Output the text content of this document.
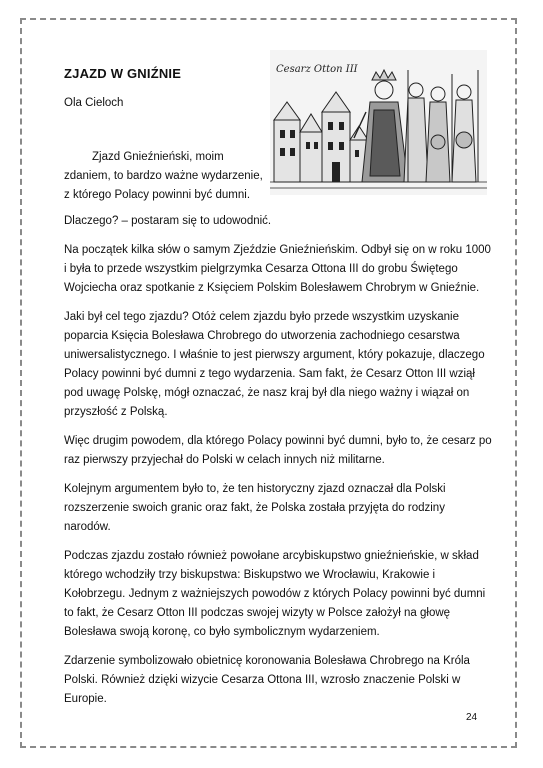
ZJAZD W GNIŹNIE
Ola Cieloch
Cesarz Otton III

Zjazd Gnieźnieński, moim

zdaniem, to bardzo ważne wydarzenie,

z którego Polacy powinni być dumni.

Dlaczego? – postaram się to udowodnić.

Na początek kilka słów o samym Zjeździe Gnieźnieńskim. Odbył się on w roku 1000 i była to przede wszystkim pielgrzymka Cesarza Ottona III do grobu Świętego Wojciecha oraz spotkanie z Księciem Polskim Bolesławem Chrobrym w Gnieźnie.

Jaki był cel tego zjazdu? Otóż celem zjazdu było przede wszystkim uzyskanie poparcia Księcia Bolesława Chrobrego do utworzenia zachodniego cesarstwa uniwersalistycznego. I właśnie to jest pierwszy argument, który pokazuje, dlaczego Polacy powinni być dumni z tego wydarzenia. Sam fakt, że Cesarz Otton III wziął pod uwagę Polskę, mógł oznaczać, że nasz kraj był dla niego ważny i wiązał on przyszłość z Polską.

Więc drugim powodem, dla którego Polacy powinni być dumni, było to, że cesarz po raz pierwszy przyjechał do Polski w celach innych niż militarne.

Kolejnym argumentem było to, że ten historyczny zjazd oznaczał dla Polski rozszerzenie swoich granic oraz fakt, że Polska została przyjęta do rodziny narodów.

Podczas zjazdu zostało również powołane arcybiskupstwo gnieźnieńskie, w skład którego wchodziły trzy biskupstwa: Biskupstwo we Wrocławiu, Krakowie i Kołobrzegu. Jednym z ważniejszych powodów z których Polacy powinni być dumni to fakt, że Cesarz Otton III podczas swojej wizyty w Polsce założył na głowę Bolesława swoją koronę, co było symbolicznym wydarzeniem.

Zdarzenie symbolizowało obietnicę koronowania Bolesława Chrobrego na Króla Polski. Również dzięki wizycie Cesarza Ottona III, wzrosło znaczenie Polski w Europie.

24
